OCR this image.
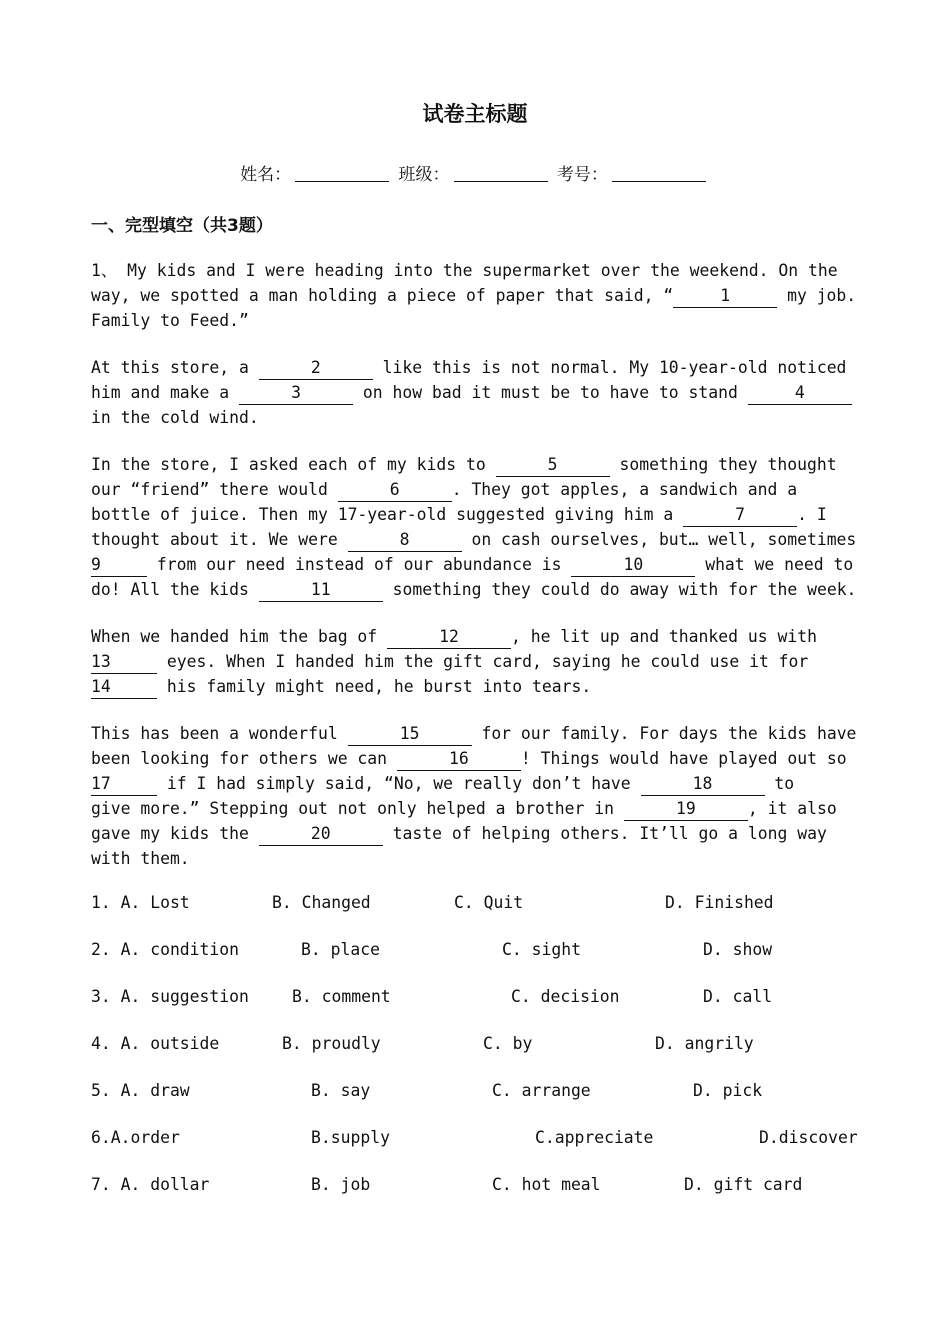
试卷主标题
姓名：	班级：	考号：
一、完型填空（共3题）
1、 My kids and I were heading into the supermarket over the weekend. On the
way, we spotted a man holding a piece of paper that said, “	1	my job.
Family to Feed.”
At this store, a	2	like this is not normal. My 10-year-old noticed
him and make a	3	on how bad it must be to have to stand	4
in the cold wind.
In the store, I asked each of my kids to	5	something they thought
our “friend” there would	6	. They got apples, a sandwich and a
bottle of juice. Then my 17-year-old suggested giving him a	7	. I
thought about it. We were	8	on cash ourselves, but… well, sometimes
9	from our need instead of our abundance is	10	what we need to
do! All the kids	11	something they could do away with for the week.
When we handed him the bag of	12	, he lit up and thanked us with
13	eyes. When I handed him the gift card, saying he could use it for
14	his family might need, he burst into tears.
This has been a wonderful	15	for our family. For days the kids have
been looking for others we can	16	! Things would have played out so
17	if I had simply said, “No, we really don’t have	18	to
give more.” Stepping out not only helped a brother in	19	, it also
gave my kids the	20	taste of helping others. It’ll go a long way
with them.
1. A. Lost	B. Changed	C. Quit	D. Finished
2. A. condition	B. place	C. sight	D. show
3. A. suggestion	B. comment	C. decision	D. call
4. A. outside	B. proudly	C. by	D. angrily
5. A. draw	B. say	C. arrange	D. pick
6.A.order	B.supply	C.appreciate	D.discover
7. A. dollar	B. job	C. hot meal	D. gift card
